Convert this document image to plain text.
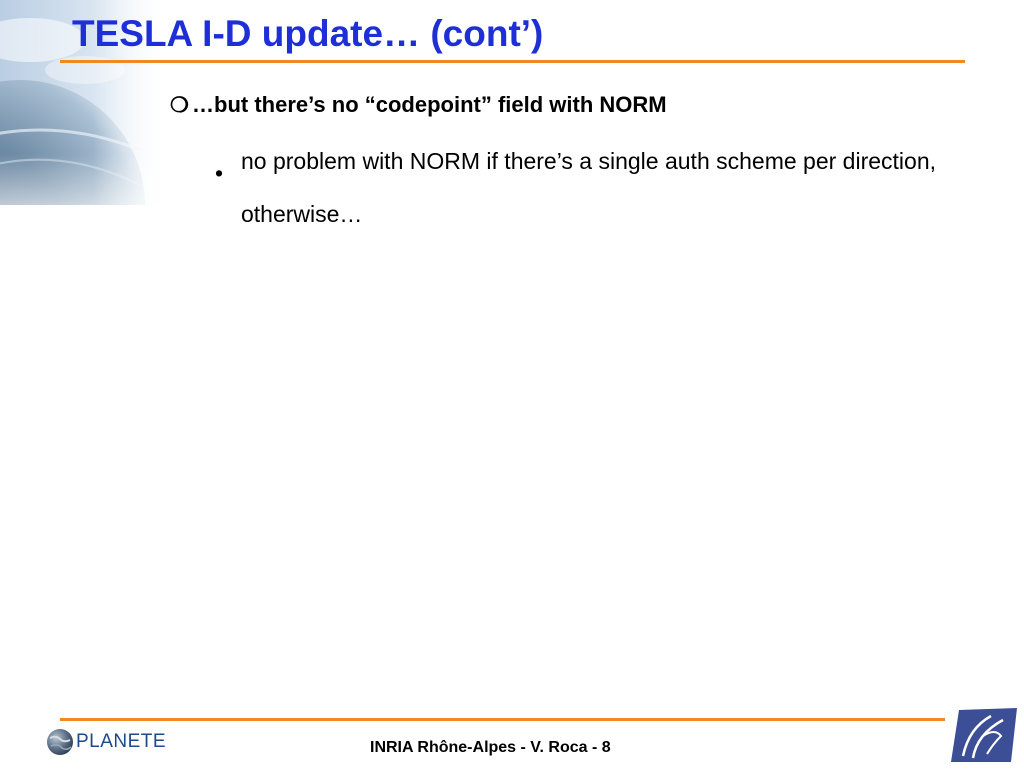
TESLA I-D update… (cont’)
❍ …but there’s no “codepoint” field with NORM
• no problem with NORM if there’s a single auth scheme per direction, otherwise…
PLANETE	INRIA Rhône-Alpes - V. Roca - 8
